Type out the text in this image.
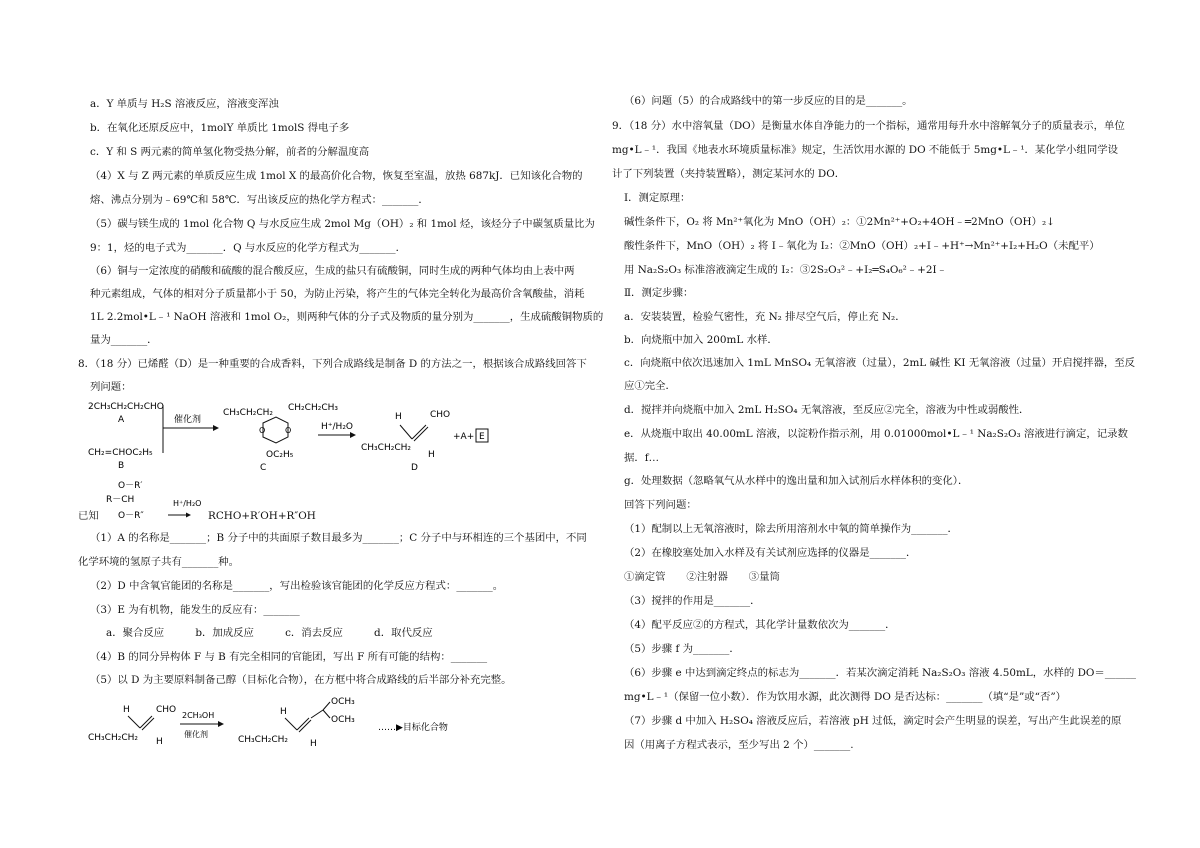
a．Y 单质与 H₂S 溶液反应，溶液变浑浊
b．在氧化还原反应中，1molY 单质比 1molS 得电子多
c．Y 和 S 两元素的简单氢化物受热分解，前者的分解温度高
（4）X 与 Z 两元素的单质反应生成 1mol X 的最高价化合物，恢复至室温，放热 687kJ．已知该化合物的
熔、沸点分别为﹣69℃和 58℃．写出该反应的热化学方程式：_______．
（5）碳与镁生成的 1mol 化合物 Q 与水反应生成 2mol Mg（OH）₂ 和 1mol 烃，该烃分子中碳氢质量比为
9：1，烃的电子式为_______．Q 与水反应的化学方程式为_______．
（6）铜与一定浓度的硝酸和硫酸的混合酸反应，生成的盐只有硫酸铜，同时生成的两种气体均由上表中两
种元素组成，气体的相对分子质量都小于 50，为防止污染，将产生的气体完全转化为最高价含氧酸盐，消耗
1L 2.2mol•L﹣¹ NaOH 溶液和 1mol O₂，则两种气体的分子式及物质的量分别为_______，生成硫酸铜物质的
量为_______．
8．（18 分）已烯醛（D）是一种重要的合成香料，下列合成路线是制备 D 的方法之一，根据该合成路线回答下
列问题：
2CH₃CH₂CH₂CHO
A
CH₂=CHOC₂H₅
B
催化剂
CH₃CH₂CH₂ CH₂CH₂CH₃
O O
OC₂H₅
C
H⁺/H₂O
CH₃CH₂CH₂
H	CHO
H
D
+A+ E
O－R′
R－CH
O－R″
H⁺/H₂O
已知	RCHO+R′OH+R″OH
（1）A 的名称是_______；B 分子中的共面原子数目最多为_______；C 分子中与环相连的三个基团中，不同
化学环境的氢原子共有_______种。
（2）D 中含氧官能团的名称是_______，写出检验该官能团的化学反应方程式：_______。
（3）E 为有机物，能发生的反应有：_______
a．聚合反应　　　b．加成反应　　　c．消去反应　　　d．取代反应
（4）B 的同分异构体 F 与 B 有完全相同的官能团，写出 F 所有可能的结构：_______
（5）以 D 为主要原料制备己醇（目标化合物），在方框中将合成路线的后半部分补充完整。
CH₃CH₂CH₂
H	CHO
H
2CH₃OH
催化剂
CH₃CH₂CH₂
H
OCH₃
OCH₃
H
……▶目标化合物
（6）问题（5）的合成路线中的第一步反应的目的是_______。
9．（18 分）水中溶氧量（DO）是衡量水体自净能力的一个指标，通常用每升水中溶解氧分子的质量表示，单位
mg•L﹣¹．我国《地表水环境质量标准》规定，生活饮用水源的 DO 不能低于 5mg•L﹣¹．某化学小组同学设
计了下列装置（夹持装置略），测定某河水的 DO．
Ⅰ．测定原理：
碱性条件下，O₂ 将 Mn²⁺氧化为 MnO（OH）₂：①2Mn²⁺+O₂+4OH﹣═2MnO（OH）₂↓
酸性条件下，MnO（OH）₂ 将 I﹣氧化为 I₂：②MnO（OH）₂+I﹣+H⁺→Mn²⁺+I₂+H₂O（未配平）
用 Na₂S₂O₃ 标准溶液滴定生成的 I₂：③2S₂O₃²﹣+I₂═S₄O₆²﹣+2I﹣
Ⅱ．测定步骤：
a．安装装置，检验气密性，充 N₂ 排尽空气后，停止充 N₂．
b．向烧瓶中加入 200mL 水样．
c．向烧瓶中依次迅速加入 1mL MnSO₄ 无氧溶液（过量），2mL 碱性 KI 无氧溶液（过量）开启搅拌器，至反
应①完全．
d．搅拌并向烧瓶中加入 2mL H₂SO₄ 无氧溶液，至反应②完全，溶液为中性或弱酸性．
e．从烧瓶中取出 40.00mL 溶液，以淀粉作指示剂，用 0.01000mol•L﹣¹ Na₂S₂O₃ 溶液进行滴定，记录数
据．f…
g．处理数据（忽略氧气从水样中的逸出量和加入试剂后水样体积的变化）．
回答下列问题：
（1）配制以上无氧溶液时，除去所用溶剂水中氧的简单操作为_______．
（2）在橡胶塞处加入水样及有关试剂应选择的仪器是_______．
①滴定管　　②注射器　　③量筒
（3）搅拌的作用是_______．
（4）配平反应②的方程式，其化学计量数依次为_______．
（5）步骤 f 为_______．
（6）步骤 e 中达到滴定终点的标志为_______．若某次滴定消耗 Na₂S₂O₃ 溶液 4.50mL，水样的 DO＝______
mg•L﹣¹（保留一位小数）．作为饮用水源，此次测得 DO 是否达标：_______（填“是”或“否”）
（7）步骤 d 中加入 H₂SO₄ 溶液反应后，若溶液 pH 过低，滴定时会产生明显的误差，写出产生此误差的原
因（用离子方程式表示，至少写出 2 个）_______.
